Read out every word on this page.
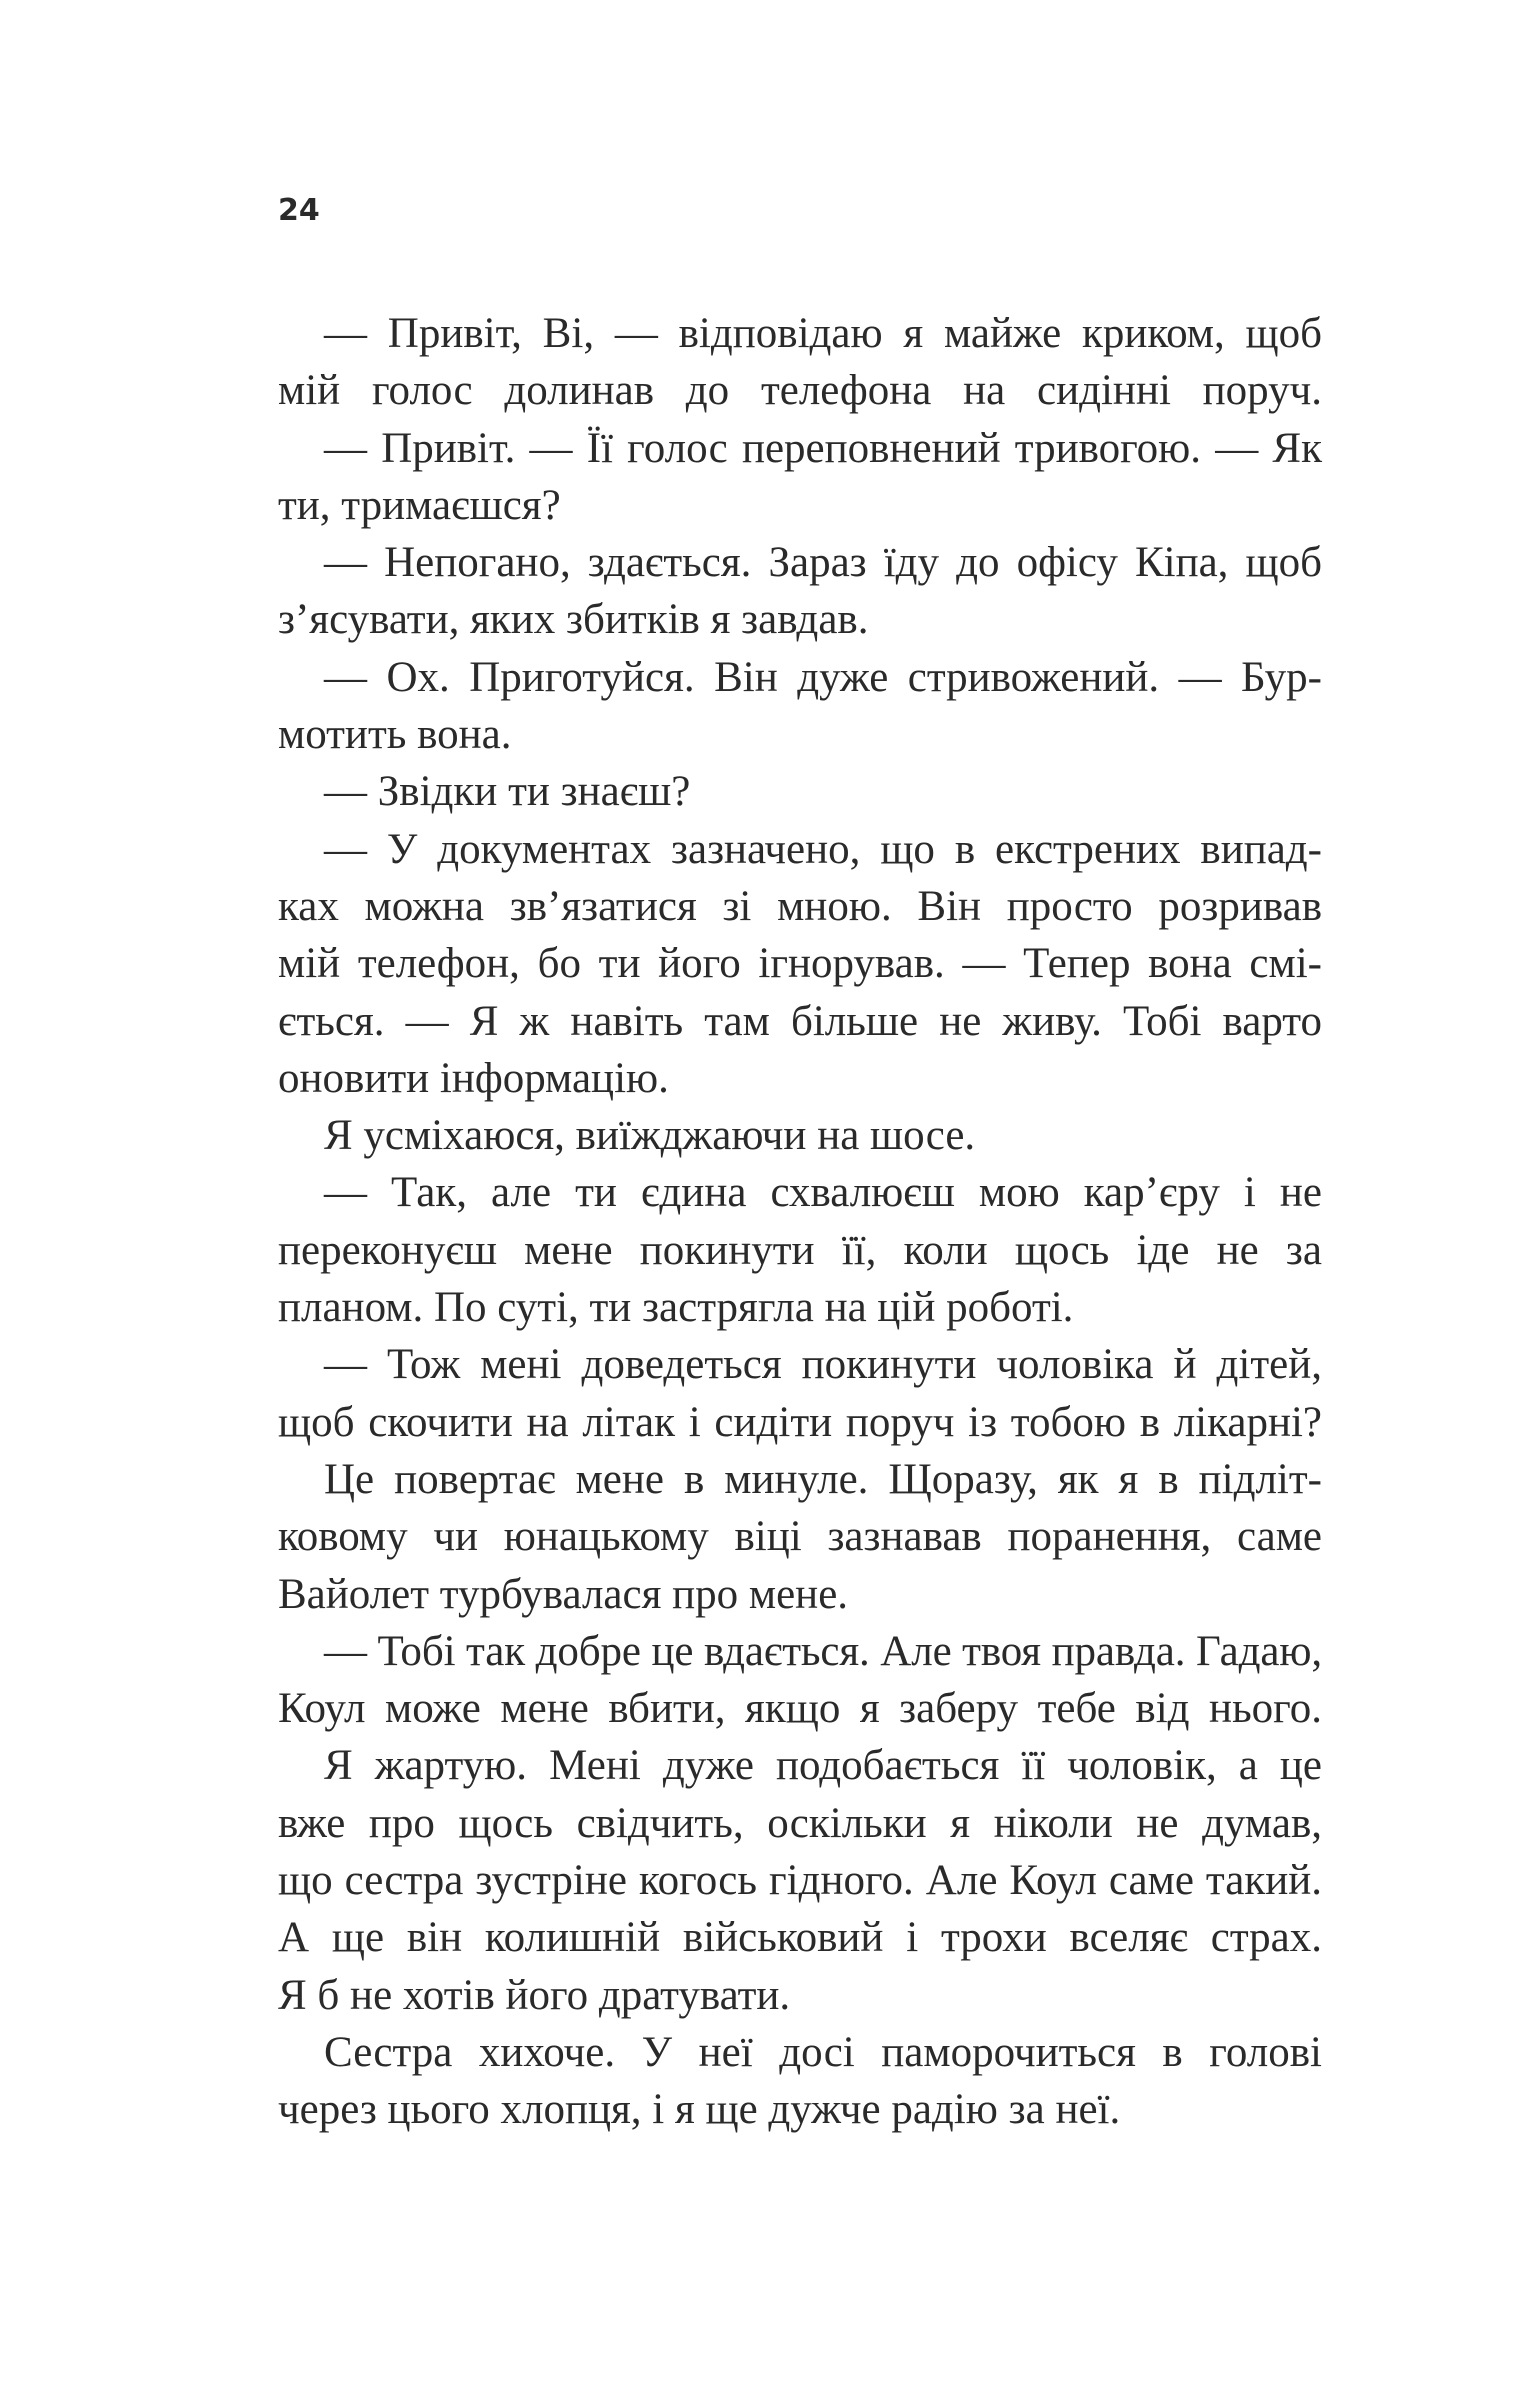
24
— Привіт, Ві, — відповідаю я майже криком, щоб
мій голос долинав до телефона на сидінні поруч.
— Привіт. — Її голос переповнений тривогою. — Як
ти, тримаєшся?
— Непогано, здається. Зараз їду до офісу Кіпа, щоб
з’ясувати, яких збитків я завдав.
— Ох. Приготуйся. Він дуже стривожений. — Бур-
мотить вона.
— Звідки ти знаєш?
— У документах зазначено, що в екстрених випад-
ках можна зв’язатися зі мною. Він просто розривав
мій телефон, бо ти його ігнорував. — Тепер вона смі-
ється. — Я ж навіть там більше не живу. Тобі варто
оновити інформацію.
Я усміхаюся, виїжджаючи на шосе.
— Так, але ти єдина схвалюєш мою кар’єру і не
переконуєш мене покинути її, коли щось іде не за
планом. По суті, ти застрягла на цій роботі.
— Тож мені доведеться покинути чоловіка й дітей,
щоб скочити на літак і сидіти поруч із тобою в лікарні?
Це повертає мене в минуле. Щоразу, як я в підліт-
ковому чи юнацькому віці зазнавав поранення, саме
Вайолет турбувалася про мене.
— Тобі так добре це вдається. Але твоя правда. Гадаю,
Коул може мене вбити, якщо я заберу тебе від нього.
Я жартую. Мені дуже подобається її чоловік, а це
вже про щось свідчить, оскільки я ніколи не думав,
що сестра зустріне когось гідного. Але Коул саме такий.
А ще він колишній військовий і трохи вселяє страх.
Я б не хотів його дратувати.
Сестра хихоче. У неї досі паморочиться в голові
через цього хлопця, і я ще дужче радію за неї.
